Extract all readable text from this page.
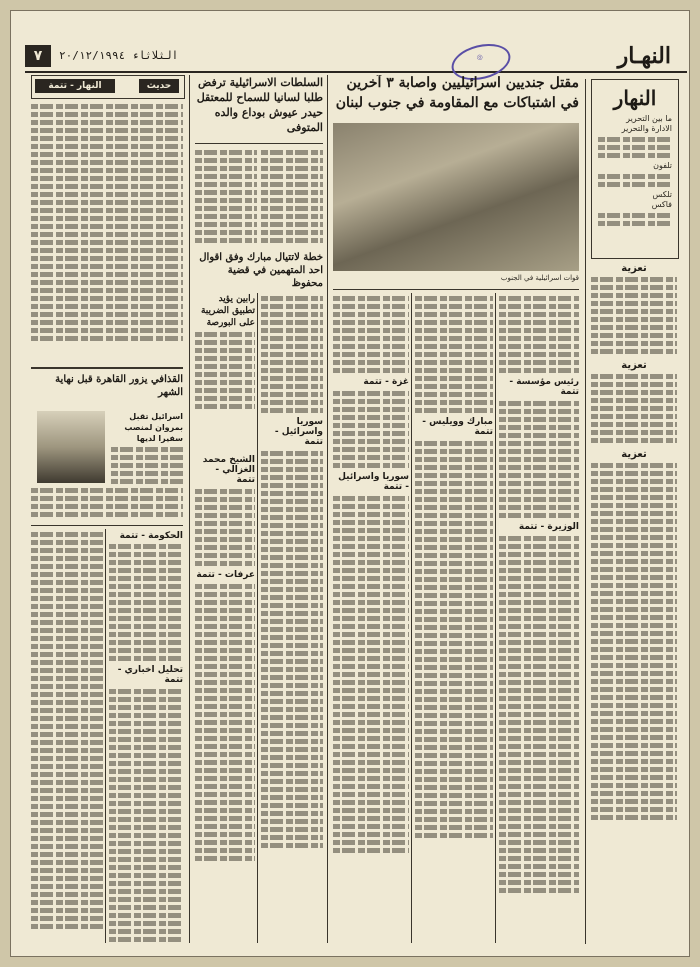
٧	الثلاثاء ٢٠/١٢/١٩٩٤	النهـار
◎
النهار
ما بين التحرير
الادارة والتحرير
تلفون
تلكس
فاكس
تعزية
تعزية
تعزية
مقتل جنديين اسرائيليين واصابة ٣ آخرين
في اشتباكات مع المقاومة في جنوب لبنان
قوات اسرائيلية في الجنوب
رئيس مؤسسة - تتمة
الوزيرة - تتمة
مبارك وويليس - تتمة
غزة - تتمة
سوريا واسرائيل - تتمة
السلطات الاسرائيلية ترفض طلبا لسانيا للسماح للمعتقل حيدر عيوش بوداع والده المتوفى
خطة لاتتيال مبارك وفق اقوال احد المتهمين في قضية محفوظ
سوريا واسرائيل - تتمة
رابين يؤيد تطبيق الضريبة على البورصة
الشيخ محمد الغزالي - تتمة
عرفات - تتمة
حديث
النهار - تتمة
القذافي يزور القاهرة قبل نهاية الشهر
اسرائيل تقبل بمروان لمنصب سفيرا لديها
الحكومة - تتمة
تحليل اخباري - تتمة
